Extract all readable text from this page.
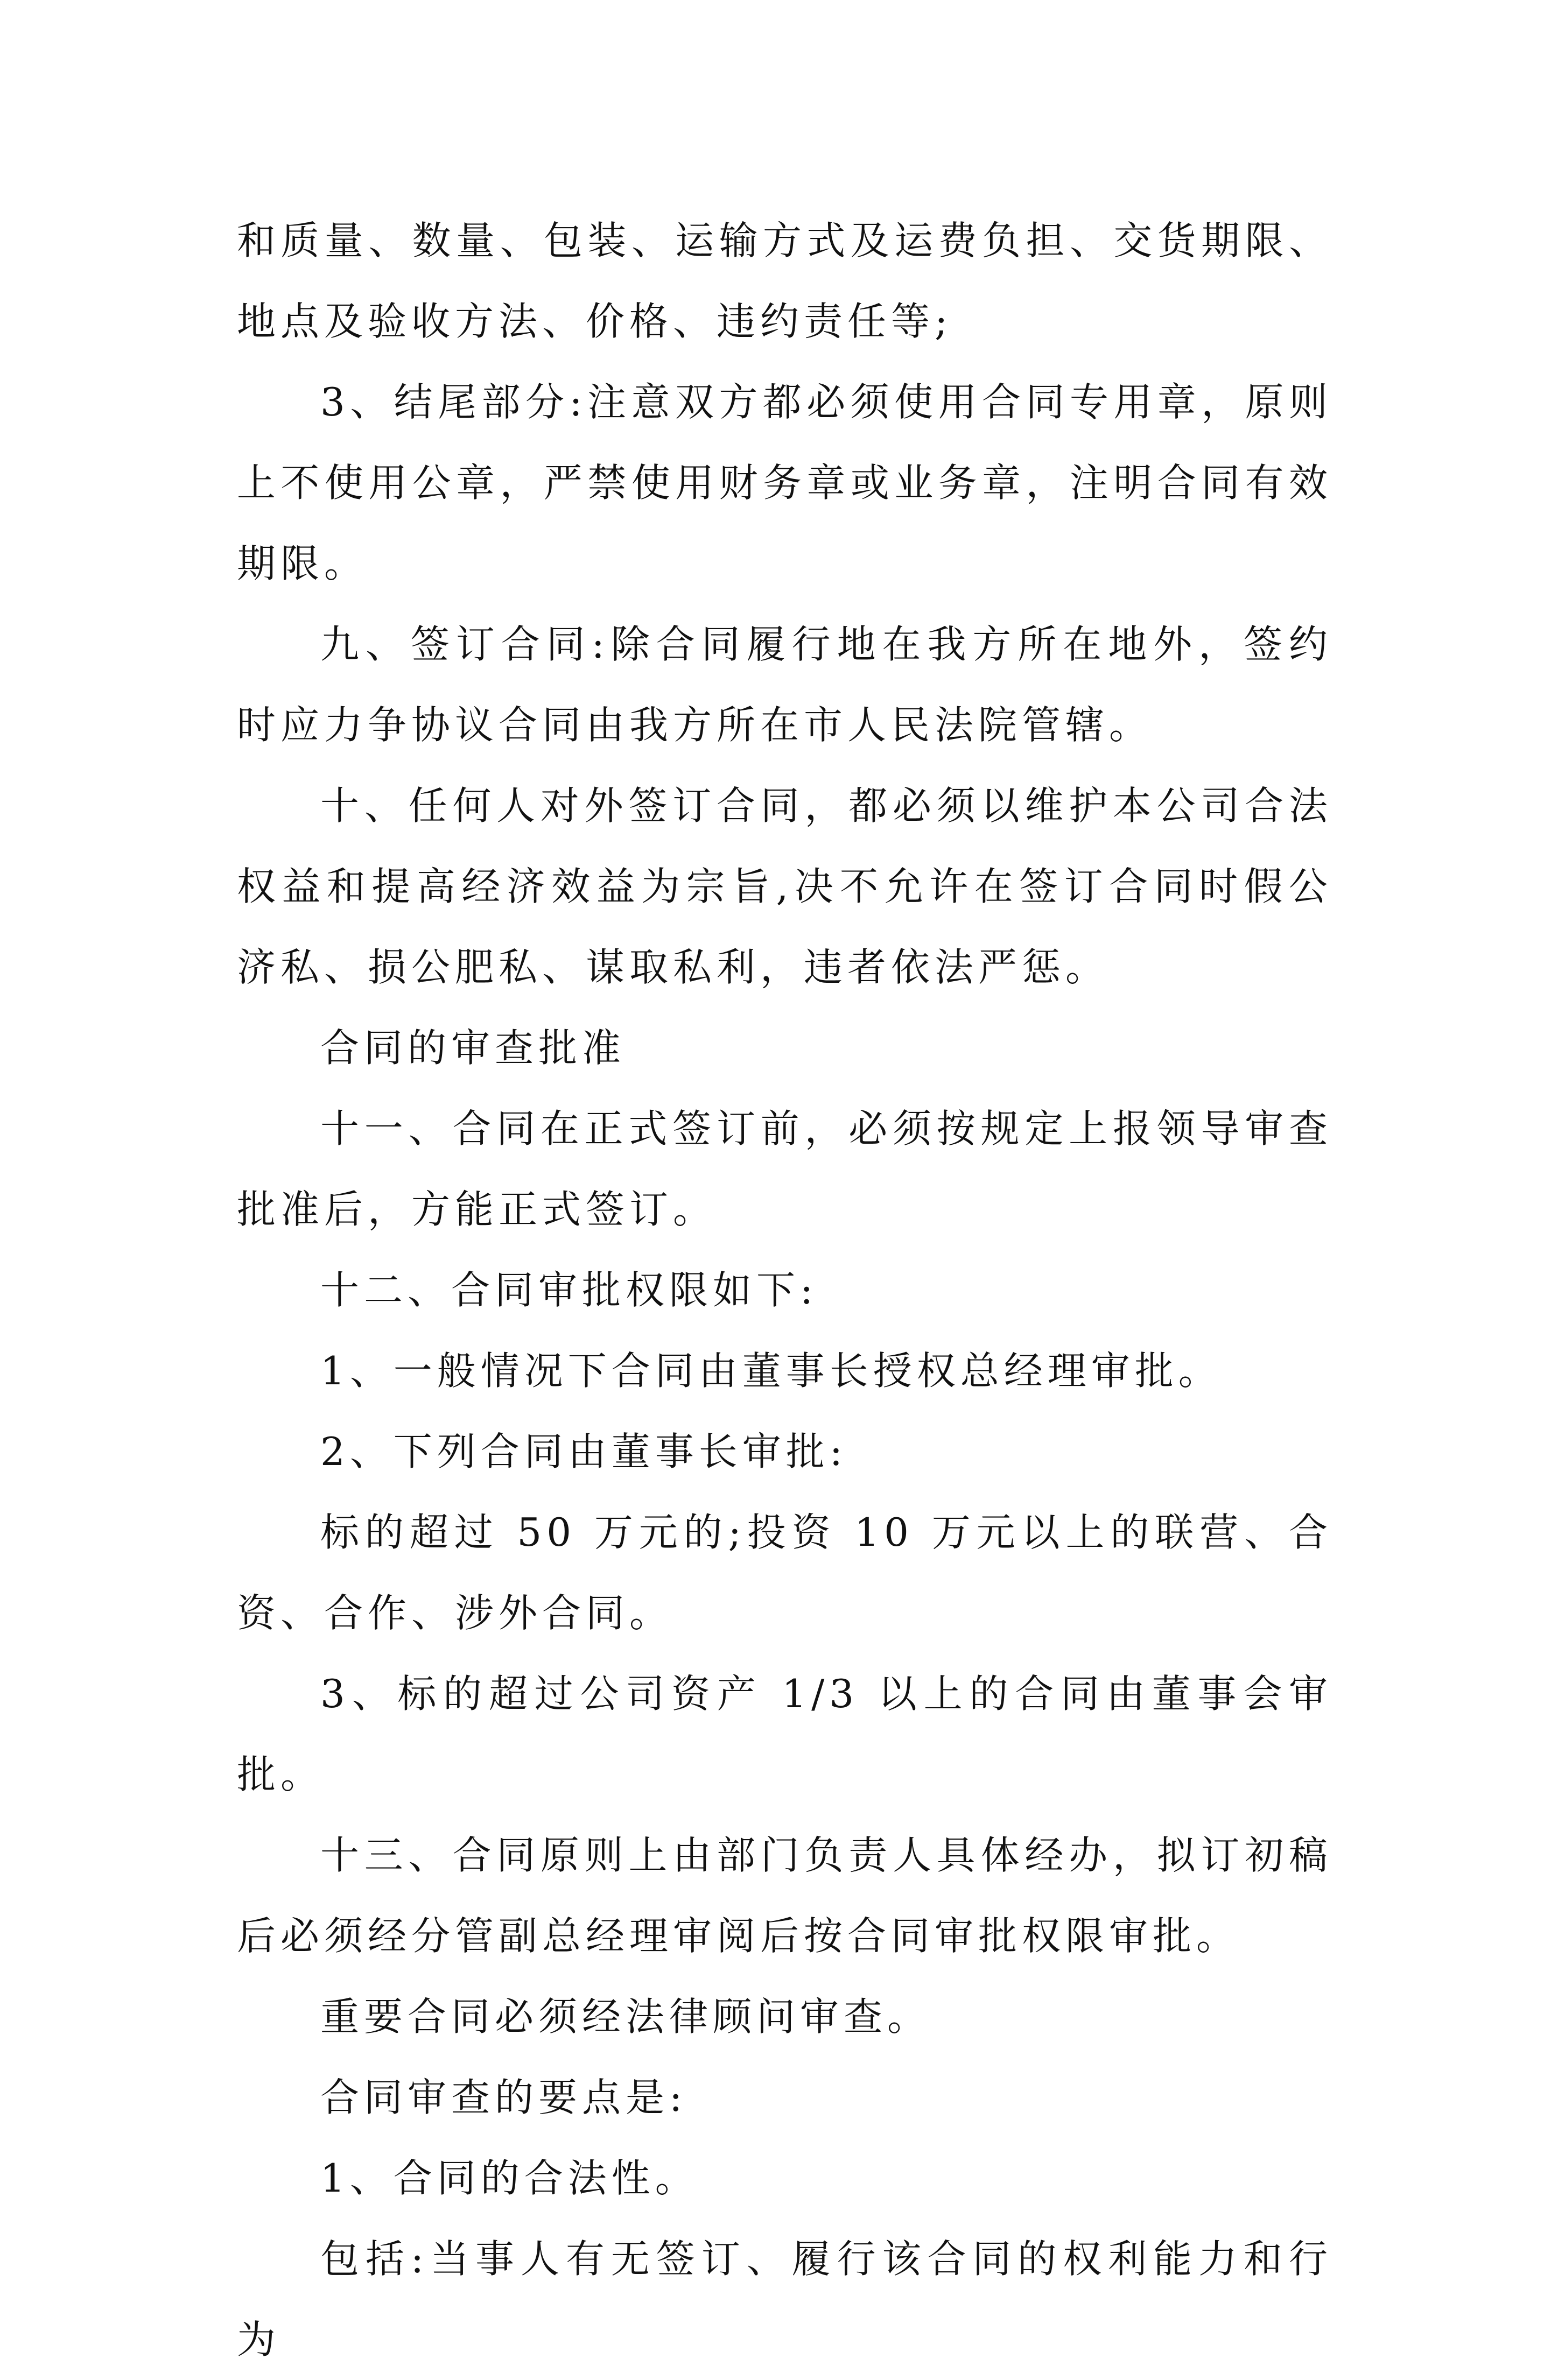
和质量、数量、包装、运输方式及运费负担、交货期限、地点及验收方法、价格、违约责任等;

3、结尾部分:注意双方都必须使用合同专用章，原则上不使用公章，严禁使用财务章或业务章，注明合同有效期限。

九、签订合同:除合同履行地在我方所在地外，签约时应力争协议合同由我方所在市人民法院管辖。

十、任何人对外签订合同，都必须以维护本公司合法权益和提高经济效益为宗旨,决不允许在签订合同时假公济私、损公肥私、谋取私利，违者依法严惩。

合同的审查批准

十一、合同在正式签订前，必须按规定上报领导审查批准后，方能正式签订。

十二、合同审批权限如下:

1、一般情况下合同由董事长授权总经理审批。

2、下列合同由董事长审批:

标的超过 50 万元的;投资 10 万元以上的联营、合资、合作、涉外合同。

3、标的超过公司资产 1/3 以上的合同由董事会审批。

十三、合同原则上由部门负责人具体经办，拟订初稿后必须经分管副总经理审阅后按合同审批权限审批。

重要合同必须经法律顾问审查。

合同审查的要点是:

1、合同的合法性。

包括:当事人有无签订、履行该合同的权利能力和行为
